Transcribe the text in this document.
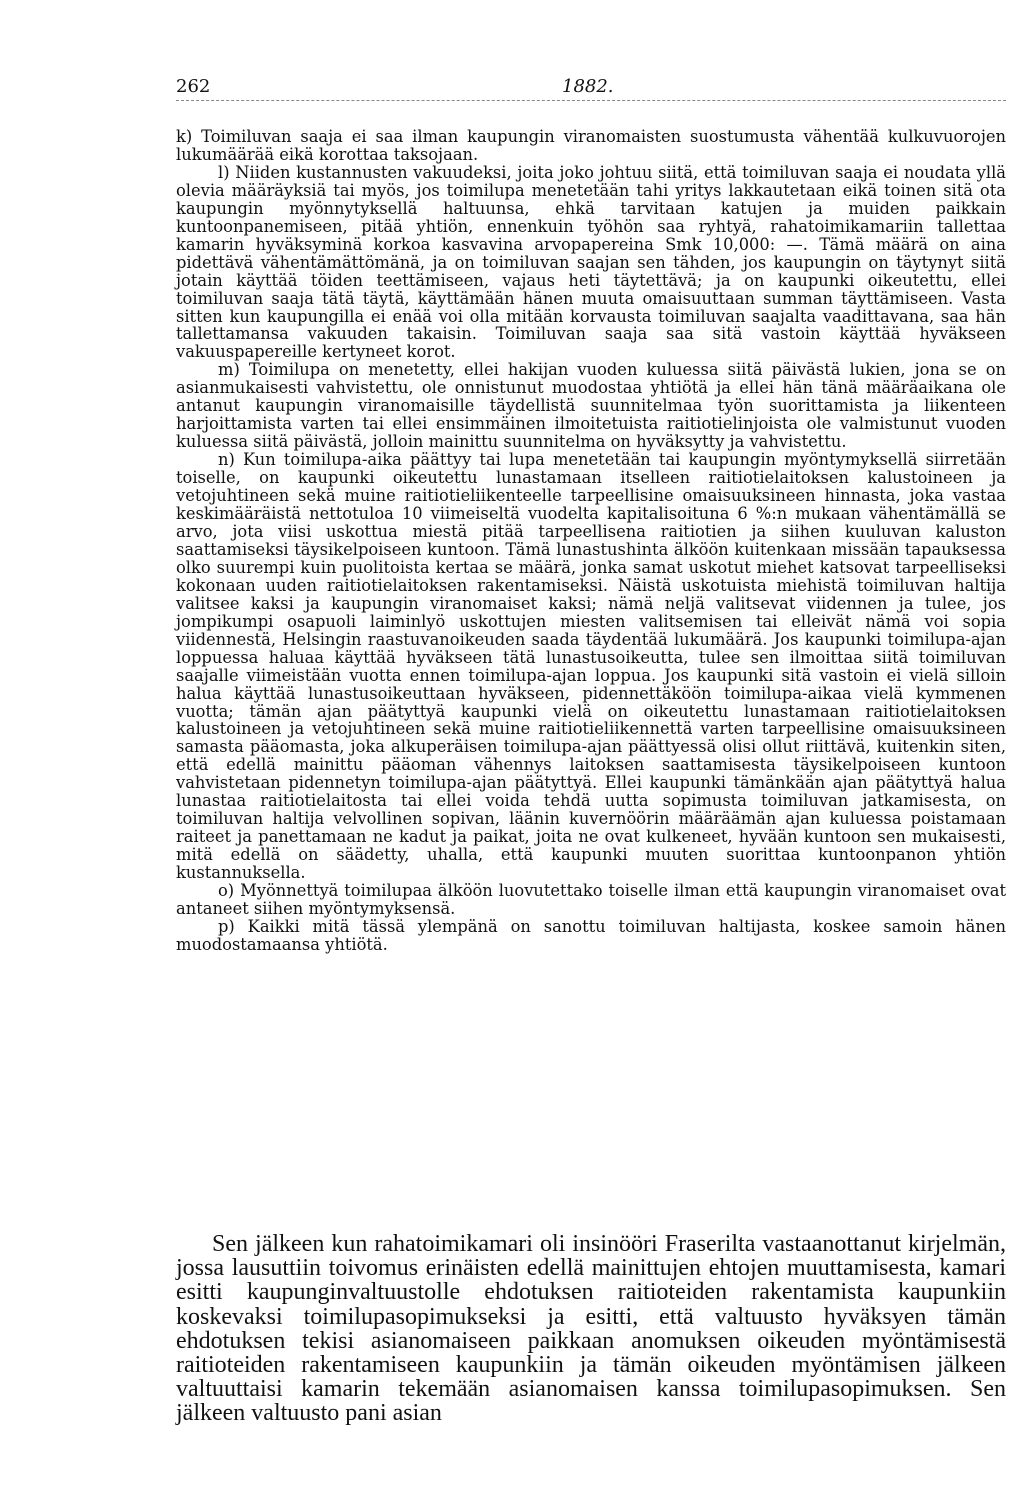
262	1882.

k) Toimiluvan saaja ei saa ilman kaupungin viranomaisten suostumusta vähentää kulkuvuorojen lukumäärää eikä korottaa taksojaan.

l) Niiden kustannusten vakuudeksi, joita joko johtuu siitä, että toimiluvan saaja ei noudata yllä olevia määräyksiä tai myös, jos toimilupa menetetään tahi yritys lakkautetaan eikä toinen sitä ota kaupungin myönnytyksellä haltuunsa, ehkä tarvitaan katujen ja muiden paikkain kuntoonpanemiseen, pitää yhtiön, ennenkuin työhön saa ryhtyä, rahatoimikamariin tallettaa kamarin hyväksyminä korkoa kasvavina arvopapereina Smk 10,000: —. Tämä määrä on aina pidettävä vähentämättömänä, ja on toimiluvan saajan sen tähden, jos kaupungin on täytynyt siitä jotain käyttää töiden teettämiseen, vajaus heti täytettävä; ja on kaupunki oikeutettu, ellei toimiluvan saaja tätä täytä, käyttämään hänen muuta omaisuuttaan summan täyttämiseen. Vasta sitten kun kaupungilla ei enää voi olla mitään korvausta toimiluvan saajalta vaadittavana, saa hän tallettamansa vakuuden takaisin. Toimiluvan saaja saa sitä vastoin käyttää hyväkseen vakuuspapereille kertyneet korot.

m) Toimilupa on menetetty, ellei hakijan vuoden kuluessa siitä päivästä lukien, jona se on asianmukaisesti vahvistettu, ole onnistunut muodostaa yhtiötä ja ellei hän tänä määräaikana ole antanut kaupungin viranomaisille täydellistä suunnitelmaa työn suorittamista ja liikenteen harjoittamista varten tai ellei ensimmäinen ilmoitetuista raitiotielinjoista ole valmistunut vuoden kuluessa siitä päivästä, jolloin mainittu suunnitelma on hyväksytty ja vahvistettu.

n) Kun toimilupa-aika päättyy tai lupa menetetään tai kaupungin myöntymyksellä siirretään toiselle, on kaupunki oikeutettu lunastamaan itselleen raitiotielaitoksen kalustoineen ja vetojuhtineen sekä muine raitiotieliikenteelle tarpeellisine omaisuuksineen hinnasta, joka vastaa keskimääräistä nettotuloa 10 viimeiseltä vuodelta kapitalisoituna 6 %:n mukaan vähentämällä se arvo, jota viisi uskottua miestä pitää tarpeellisena raitiotien ja siihen kuuluvan kaluston saattamiseksi täysikelpoiseen kuntoon. Tämä lunastushinta älköön kuitenkaan missään tapauksessa olko suurempi kuin puolitoista kertaa se määrä, jonka samat uskotut miehet katsovat tarpeelliseksi kokonaan uuden raitiotielaitoksen rakentamiseksi. Näistä uskotuista miehistä toimiluvan haltija valitsee kaksi ja kaupungin viranomaiset kaksi; nämä neljä valitsevat viidennen ja tulee, jos jompikumpi osapuoli laiminlyö uskottujen miesten valitsemisen tai elleivät nämä voi sopia viidennestä, Helsingin raastuvanoikeuden saada täydentää lukumäärä. Jos kaupunki toimilupa-ajan loppuessa haluaa käyttää hyväkseen tätä lunastusoikeutta, tulee sen ilmoittaa siitä toimiluvan saajalle viimeistään vuotta ennen toimilupa-ajan loppua. Jos kaupunki sitä vastoin ei vielä silloin halua käyttää lunastusoikeuttaan hyväkseen, pidennettäköön toimilupa-aikaa vielä kymmenen vuotta; tämän ajan päätyttyä kaupunki vielä on oikeutettu lunastamaan raitiotielaitoksen kalustoineen ja vetojuhtineen sekä muine raitiotieliikennettä varten tarpeellisine omaisuuksineen samasta pääomasta, joka alkuperäisen toimilupa-ajan päättyessä olisi ollut riittävä, kuitenkin siten, että edellä mainittu pääoman vähennys laitoksen saattamisesta täysikelpoiseen kuntoon vahvistetaan pidennetyn toimilupa-ajan päätyttyä. Ellei kaupunki tämänkään ajan päätyttyä halua lunastaa raitiotielaitosta tai ellei voida tehdä uutta sopimusta toimiluvan jatkamisesta, on toimiluvan haltija velvollinen sopivan, läänin kuvernöörin määräämän ajan kuluessa poistamaan raiteet ja panettamaan ne kadut ja paikat, joita ne ovat kulkeneet, hyvään kuntoon sen mukaisesti, mitä edellä on säädetty, uhalla, että kaupunki muuten suorittaa kuntoonpanon yhtiön kustannuksella.

o) Myönnettyä toimilupaa älköön luovutettako toiselle ilman että kaupungin viranomaiset ovat antaneet siihen myöntymyksensä.

p) Kaikki mitä tässä ylempänä on sanottu toimiluvan haltijasta, koskee samoin hänen muodostamaansa yhtiötä.

Sen jälkeen kun rahatoimikamari oli insinööri Fraserilta vastaanottanut kirjelmän, jossa lausuttiin toivomus erinäisten edellä mainittujen ehtojen muuttamisesta, kamari esitti kaupunginvaltuustolle ehdotuksen raitioteiden rakentamista kaupunkiin koskevaksi toimilupasopimukseksi ja esitti, että valtuusto hyväksyen tämän ehdotuksen tekisi asianomaiseen paikkaan anomuksen oikeuden myöntämisestä raitioteiden rakentamiseen kaupunkiin ja tämän oikeuden myöntämisen jälkeen valtuuttaisi kamarin tekemään asianomaisen kanssa toimilupasopimuksen. Sen jälkeen valtuusto pani asian
